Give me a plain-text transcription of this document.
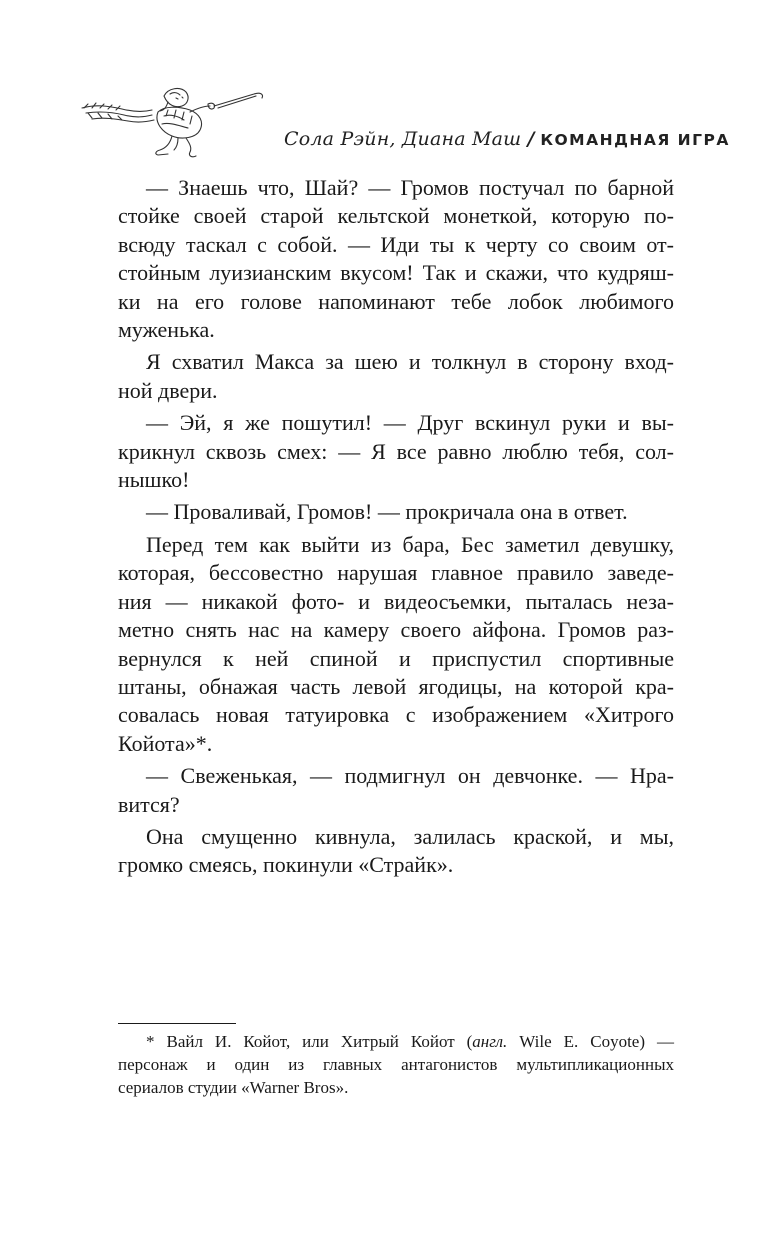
Сола Рэйн, Диана Маш / КОМАНДНАЯ ИГРА

— Знаешь что, Шай? — Громов постучал по барной
стойке своей старой кельтской монеткой, которую по-
всюду таскал с собой. — Иди ты к черту со своим от-
стойным луизианским вкусом! Так и скажи, что кудряш-
ки на его голове напоминают тебе лобок любимого
муженька.

Я схватил Макса за шею и толкнул в сторону вход-
ной двери.

— Эй, я же пошутил! — Друг вскинул руки и вы-
крикнул сквозь смех: — Я все равно люблю тебя, сол-
нышко!

— Проваливай, Громов! — прокричала она в ответ.

Перед тем как выйти из бара, Бес заметил девушку,
которая, бессовестно нарушая главное правило заведе-
ния — никакой фото- и видеосъемки, пыталась неза-
метно снять нас на камеру своего айфона. Громов раз-
вернулся к ней спиной и приспустил спортивные
штаны, обнажая часть левой ягодицы, на которой кра-
совалась новая татуировка с изображением «Хитрого
Койота»*.

— Свеженькая, — подмигнул он девчонке. — Нра-
вится?

Она смущенно кивнула, залилась краской, и мы,
громко смеясь, покинули «Страйк».

* Вайл И. Койот, или Хитрый Койот (англ. Wile E. Coyote) —
персонаж и один из главных антагонистов мультипликационных
сериалов студии «Warner Bros».
